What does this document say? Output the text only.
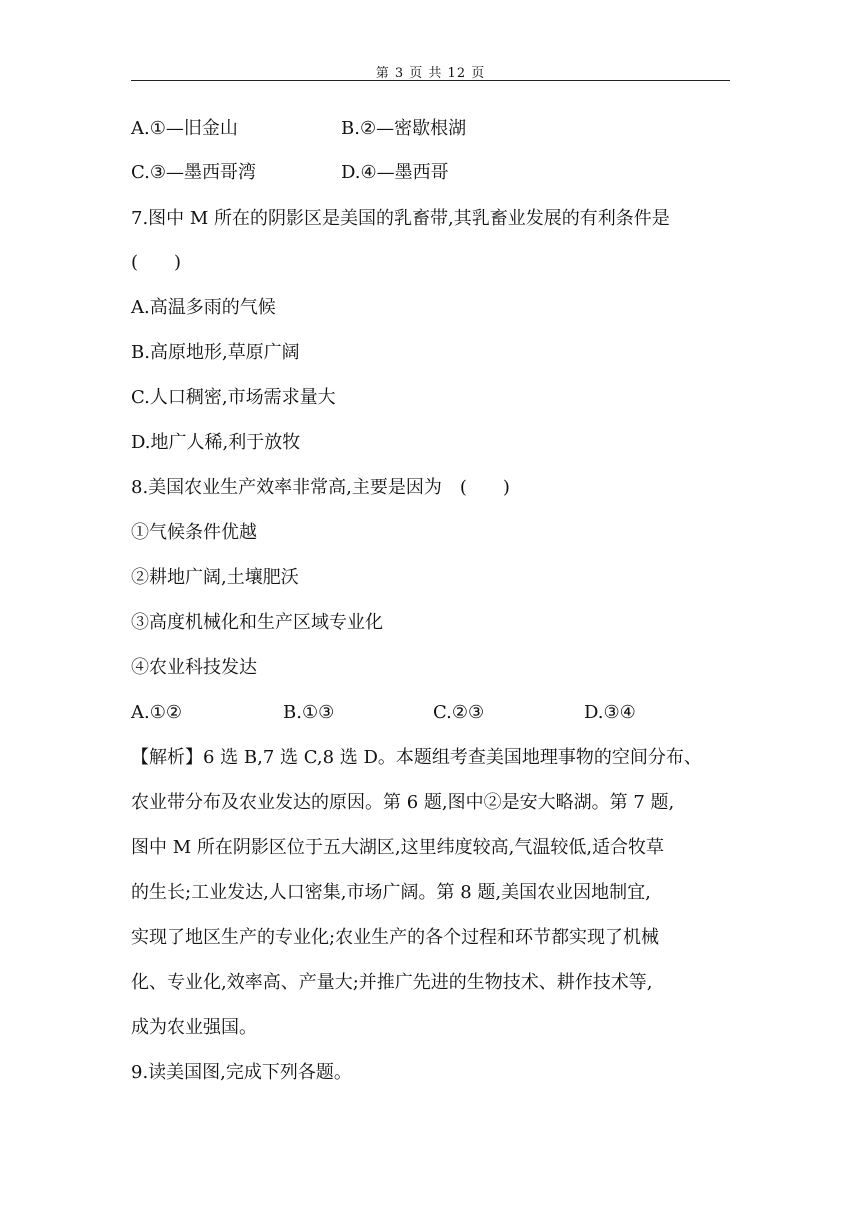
第 3 页 共 12 页
A.①—旧金山	B.②—密歇根湖
C.③—墨西哥湾	D.④—墨西哥
7.图中 M 所在的阴影区是美国的乳畜带,其乳畜业发展的有利条件是
(　　)
A.高温多雨的气候
B.高原地形,草原广阔
C.人口稠密,市场需求量大
D.地广人稀,利于放牧
8.美国农业生产效率非常高,主要是因为　(　　)
①气候条件优越
②耕地广阔,土壤肥沃
③高度机械化和生产区域专业化
④农业科技发达
A.①②	B.①③	C.②③	D.③④
【解析】6 选 B,7 选 C,8 选 D。本题组考查美国地理事物的空间分布、
农业带分布及农业发达的原因。第 6 题,图中②是安大略湖。第 7 题,
图中 M 所在阴影区位于五大湖区,这里纬度较高,气温较低,适合牧草
的生长;工业发达,人口密集,市场广阔。第 8 题,美国农业因地制宜,
实现了地区生产的专业化;农业生产的各个过程和环节都实现了机械
化、专业化,效率高、产量大;并推广先进的生物技术、耕作技术等,
成为农业强国。
9.读美国图,完成下列各题。
